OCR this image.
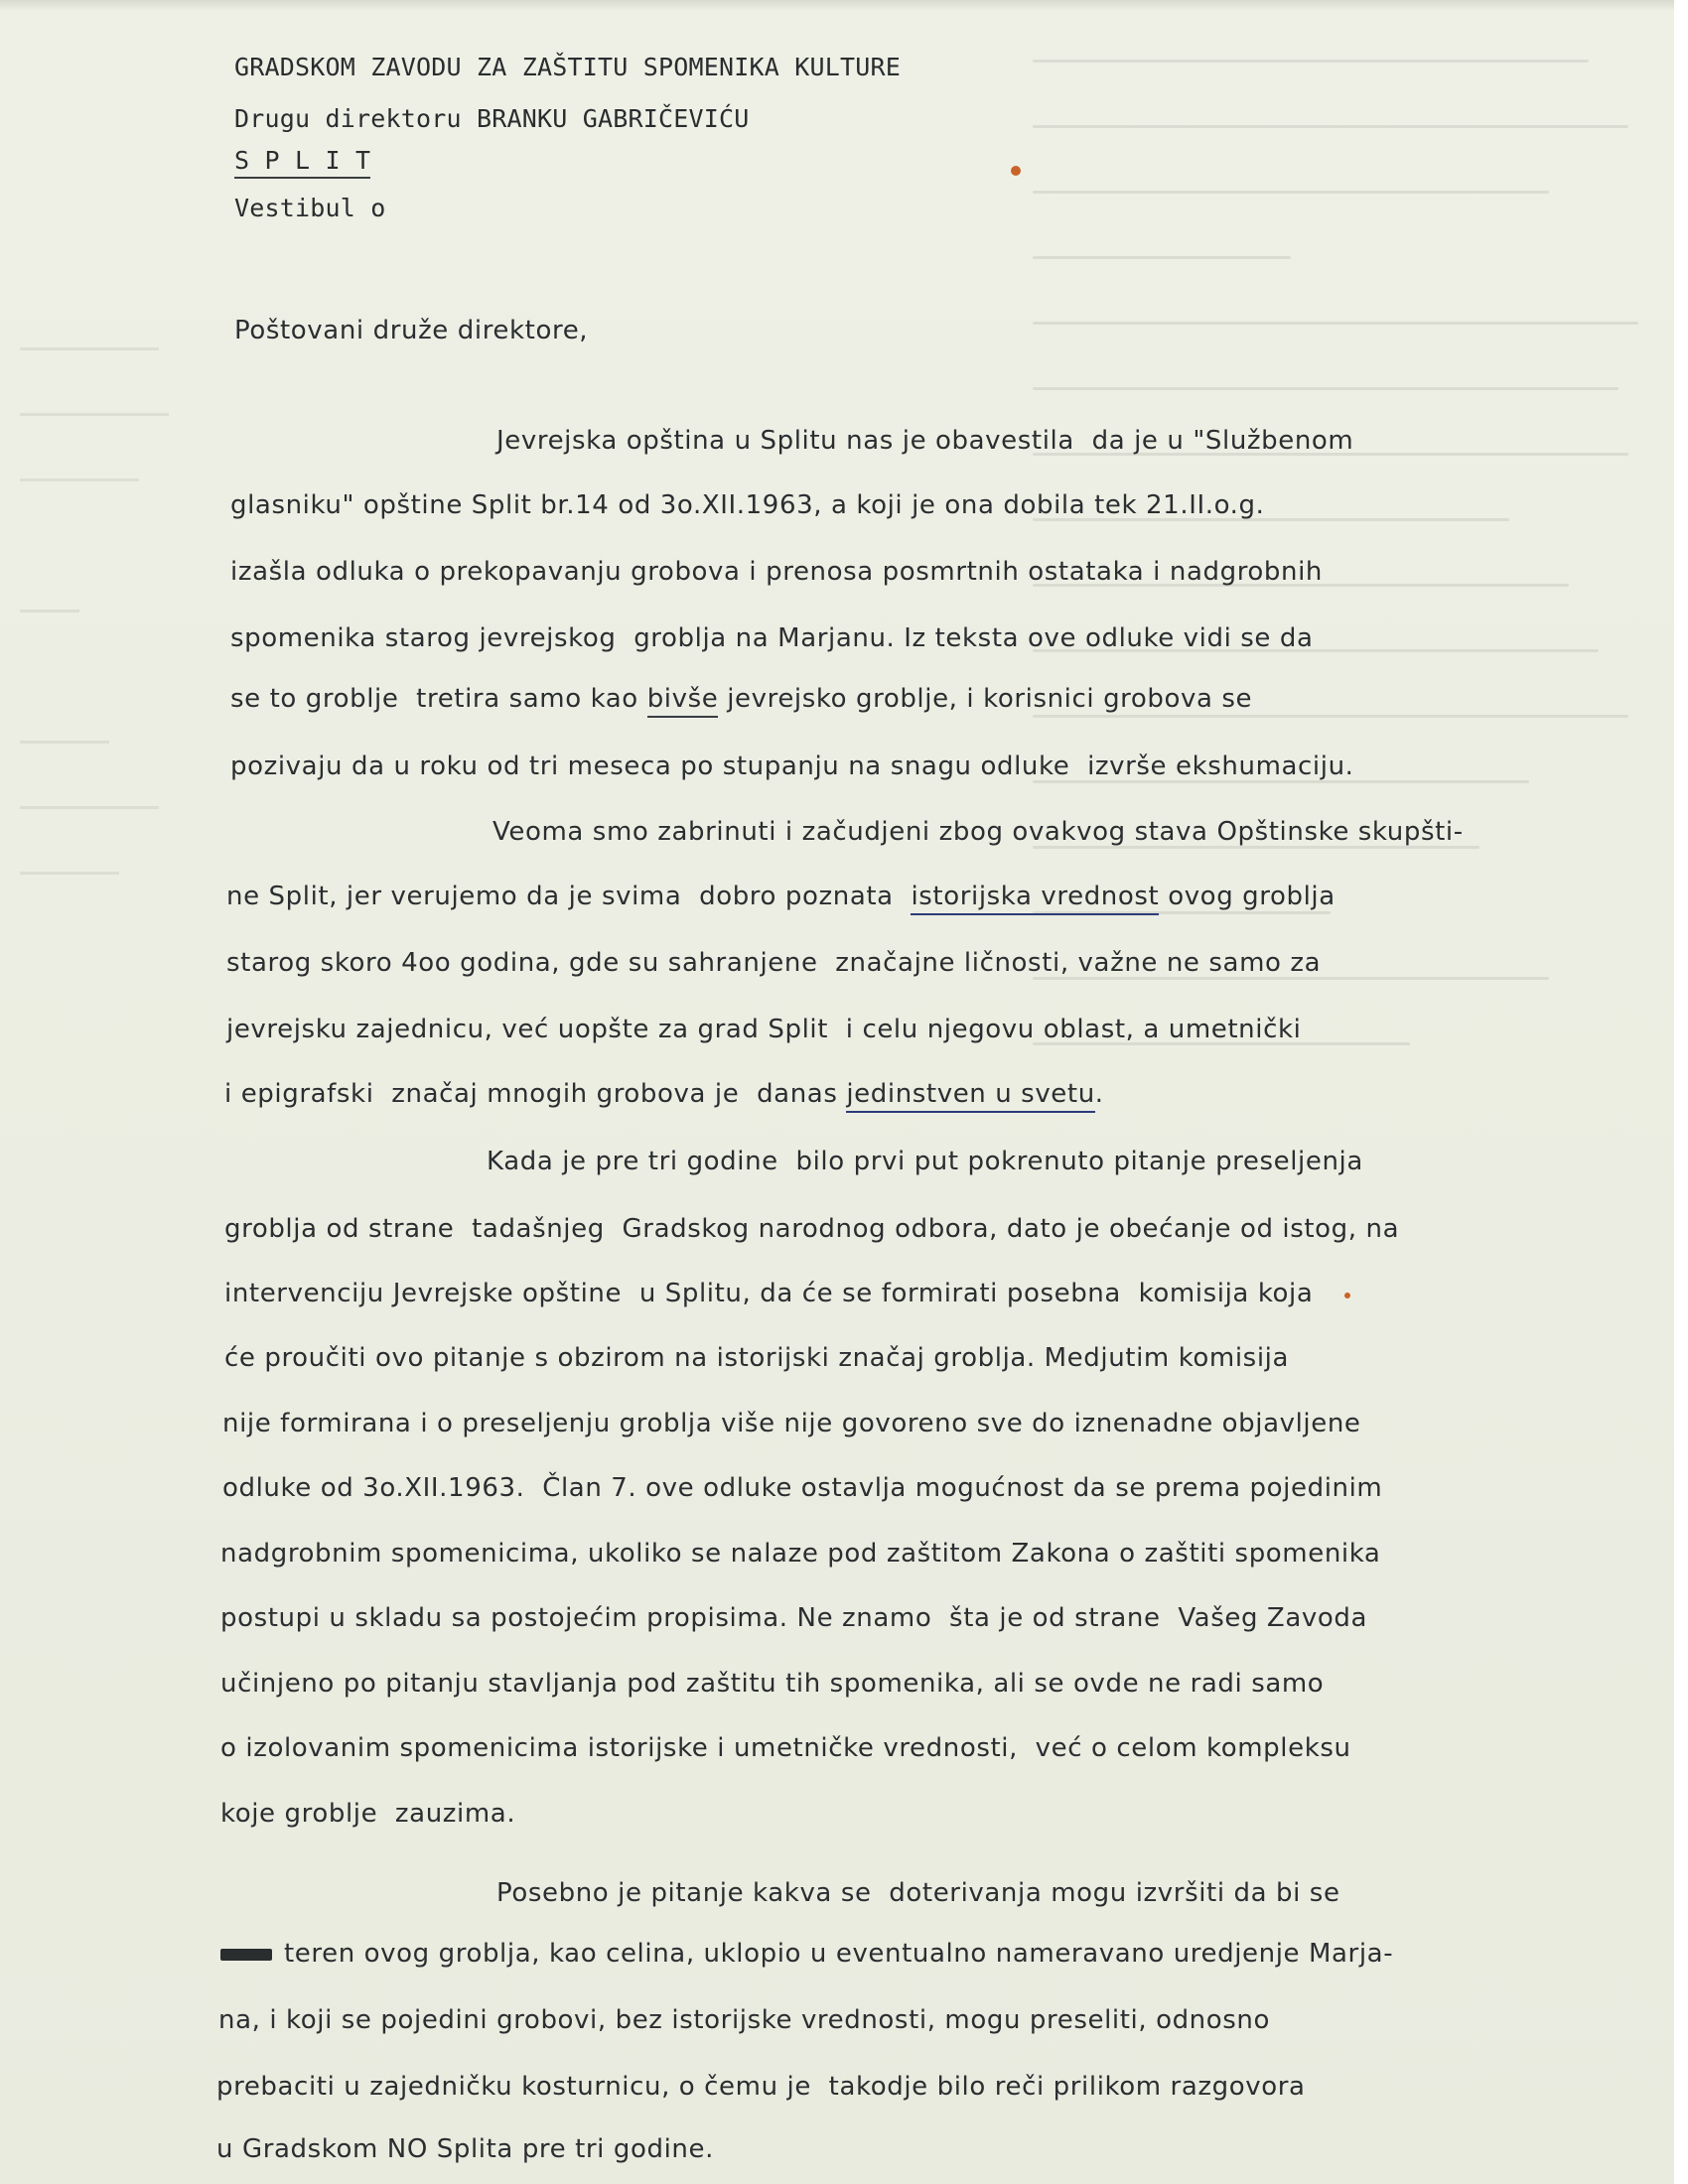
GRADSKOM ZAVODU ZA ZAŠTITU SPOMENIKA KULTURE
Drugu direktoru BRANKU GABRIČEVIĆU
S P L I T
Vestibul o
Poštovani druže direktore,
Jevrejska opština u Splitu nas je obavestila  da je u "Službenom
glasniku" opštine Split br.14 od 3o.XII.1963, a koji je ona dobila tek 21.II.o.g.
izašla odluka o prekopavanju grobova i prenosa posmrtnih ostataka i nadgrobnih
spomenika starog jevrejskog  groblja na Marjanu. Iz teksta ove odluke vidi se da
se to groblje  tretira samo kao bivše jevrejsko groblje, i korisnici grobova se
pozivaju da u roku od tri meseca po stupanju na snagu odluke  izvrše ekshumaciju.
Veoma smo zabrinuti i začudjeni zbog ovakvog stava Opštinske skupšti-
ne Split, jer verujemo da je svima  dobro poznata  istorijska vrednost ovog groblja
starog skoro 4oo godina, gde su sahranjene  značajne ličnosti, važne ne samo za
jevrejsku zajednicu, već uopšte za grad Split  i celu njegovu oblast, a umetnički
i epigrafski  značaj mnogih grobova je  danas jedinstven u svetu.
Kada je pre tri godine  bilo prvi put pokrenuto pitanje preseljenja
groblja od strane  tadašnjeg  Gradskog narodnog odbora, dato je obećanje od istog, na
intervenciju Jevrejske opštine  u Splitu, da će se formirati posebna  komisija koja
će proučiti ovo pitanje s obzirom na istorijski značaj groblja. Medjutim komisija
nije formirana i o preseljenju groblja više nije govoreno sve do iznenadne objavljene
odluke od 3o.XII.1963.  Član 7. ove odluke ostavlja mogućnost da se prema pojedinim
nadgrobnim spomenicima, ukoliko se nalaze pod zaštitom Zakona o zaštiti spomenika
postupi u skladu sa postojećim propisima. Ne znamo  šta je od strane  Vašeg Zavoda
učinjeno po pitanju stavljanja pod zaštitu tih spomenika, ali se ovde ne radi samo
o izolovanim spomenicima istorijske i umetničke vrednosti,  već o celom kompleksu
koje groblje  zauzima.
Posebno je pitanje kakva se  doterivanja mogu izvršiti da bi se
teren ovog groblja, kao celina, uklopio u eventualno nameravano uredjenje Marja-
na, i koji se pojedini grobovi, bez istorijske vrednosti, mogu preseliti, odnosno
prebaciti u zajedničku kosturnicu, o čemu je  takodje bilo reči prilikom razgovora
u Gradskom NO Splita pre tri godine.
